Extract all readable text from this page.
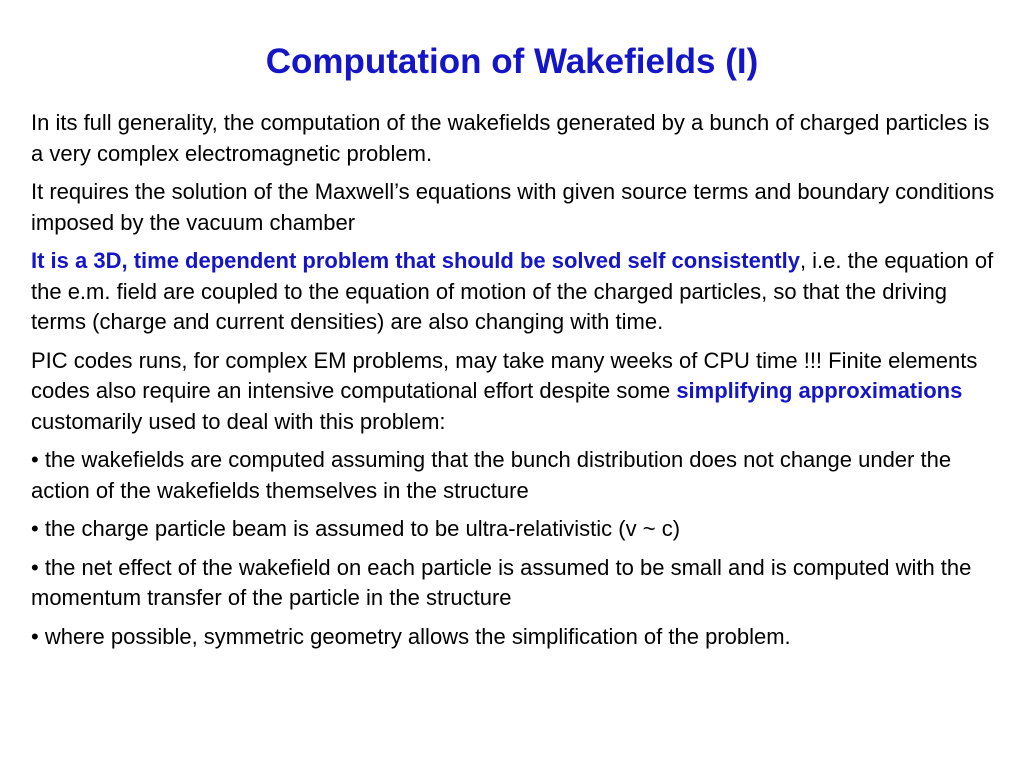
Computation of Wakefields (I)

In its full generality, the computation of the wakefields generated by a bunch of charged particles is a very complex electromagnetic problem.

It requires the solution of the Maxwell’s equations with given source terms and boundary conditions imposed by the vacuum chamber

It is a 3D, time dependent problem that should be solved self consistently, i.e. the equation of the e.m. field are coupled to the equation of motion of the charged particles, so that the driving terms (charge and current densities) are also changing with time.

PIC codes runs, for complex EM problems, may take many weeks of CPU time !!! Finite elements codes also require an intensive computational effort despite some simplifying approximations customarily used to deal with this problem:

• the wakefields are computed assuming that the bunch distribution does not change under the action of the wakefields themselves in the structure

• the charge particle beam is assumed to be ultra-relativistic (v ~ c)

• the net effect of the wakefield on each particle is assumed to be small and is computed with the momentum transfer of the particle in the structure

• where possible, symmetric geometry allows the simplification of the problem.
